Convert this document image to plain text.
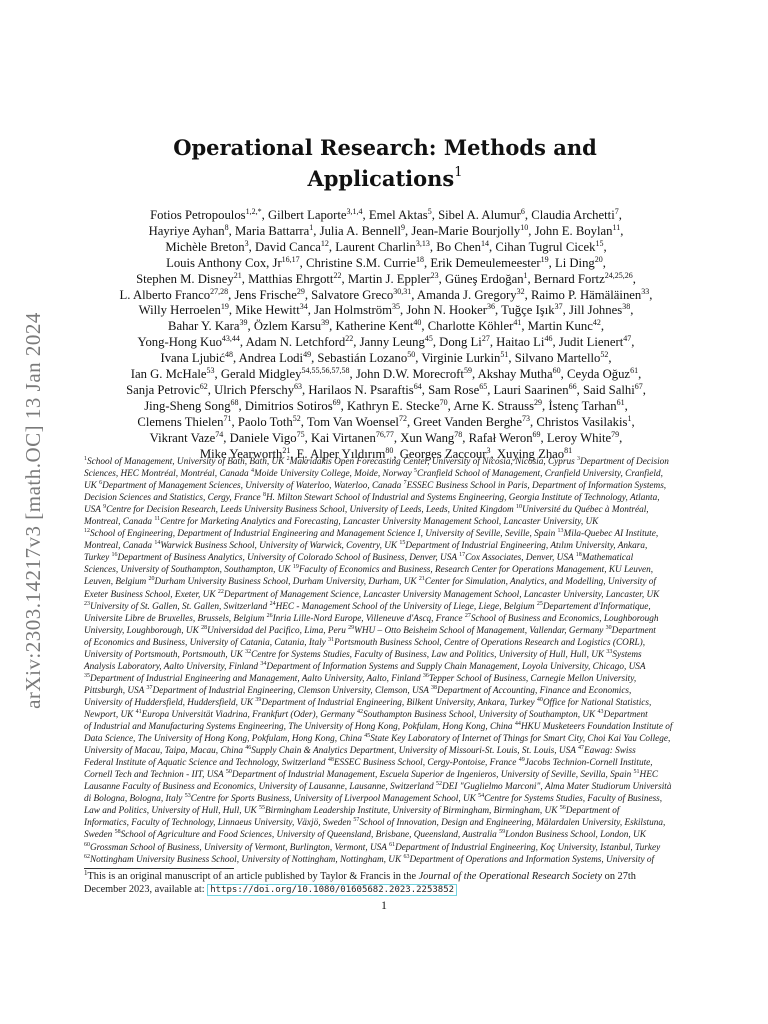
arXiv:2303.14217v3 [math.OC] 13 Jan 2024
Operational Research: Methods and
Applications$^1$
Fotios Petropoulos$^{1,2,*}$, Gilbert Laporte$^{3,1,4}$, Emel Aktas$^5$, Sibel A. Alumur$^6$, Claudia Archetti$^7$,
Hayriye Ayhan$^8$, Maria Battarra$^1$, Julia A. Bennell$^9$, Jean-Marie Bourjolly$^{10}$, John E. Boylan$^{11}$,
Michèle Breton$^3$, David Canca$^{12}$, Laurent Charlin$^{3,13}$, Bo Chen$^{14}$, Cihan Tugrul Cicek$^{15}$,
Louis Anthony Cox, Jr$^{16,17}$, Christine S.M. Currie$^{18}$, Erik Demeulemeester$^{19}$, Li Ding$^{20}$,
Stephen M. Disney$^{21}$, Matthias Ehrgott$^{22}$, Martin J. Eppler$^{23}$, Güneş Erdoğan$^1$, Bernard Fortz$^{24,25,26}$,
L. Alberto Franco$^{27,28}$, Jens Frische$^{29}$, Salvatore Greco$^{30,31}$, Amanda J. Gregory$^{32}$, Raimo P. Hämäläinen$^{33}$,
Willy Herroelen$^{19}$, Mike Hewitt$^{34}$, Jan Holmström$^{35}$, John N. Hooker$^{36}$, Tuğçe Işık$^{37}$, Jill Johnes$^{38}$,
Bahar Y. Kara$^{39}$, Özlem Karsu$^{39}$, Katherine Kent$^{40}$, Charlotte Köhler$^{41}$, Martin Kunc$^{42}$,
Yong-Hong Kuo$^{43,44}$, Adam N. Letchford$^{22}$, Janny Leung$^{45}$, Dong Li$^{27}$, Haitao Li$^{46}$, Judit Lienert$^{47}$,
Ivana Ljubić$^{48}$, Andrea Lodi$^{49}$, Sebastián Lozano$^{50}$, Virginie Lurkin$^{51}$, Silvano Martello$^{52}$,
Ian G. McHale$^{53}$, Gerald Midgley$^{54,55,56,57,58}$, John D.W. Morecroft$^{59}$, Akshay Mutha$^{60}$, Ceyda Oğuz$^{61}$,
Sanja Petrovic$^{62}$, Ulrich Pferschy$^{63}$, Harilaos N. Psaraftis$^{64}$, Sam Rose$^{65}$, Lauri Saarinen$^{66}$, Said Salhi$^{67}$,
Jing-Sheng Song$^{68}$, Dimitrios Sotiros$^{69}$, Kathryn E. Stecke$^{70}$, Arne K. Strauss$^{29}$, İstenç Tarhan$^{61}$,
Clemens Thielen$^{71}$, Paolo Toth$^{52}$, Tom Van Woensel$^{72}$, Greet Vanden Berghe$^{73}$, Christos Vasilakis$^1$,
Vikrant Vaze$^{74}$, Daniele Vigo$^{75}$, Kai Virtanen$^{76,77}$, Xun Wang$^{78}$, Rafał Weron$^{69}$, Leroy White$^{79}$,
Mike Yearworth$^{21}$, E. Alper Yıldırım$^{80}$, Georges Zaccour$^3$, Xuying Zhao$^{81}$
$^1$School of Management, University of Bath, Bath, UK $^2$Makridakis Open Forecasting Center, University of Nicosia, Nicosia, Cyprus $^3$Department of Decision
Sciences, HEC Montréal, Montréal, Canada $^4$Moide University College, Moide, Norway $^5$Cranfield School of Management, Cranfield University, Cranfield,
UK $^6$Department of Management Sciences, University of Waterloo, Waterloo, Canada $^7$ESSEC Business School in Paris, Department of Information Systems,
Decision Sciences and Statistics, Cergy, France $^8$H. Milton Stewart School of Industrial and Systems Engineering, Georgia Institute of Technology, Atlanta,
USA $^9$Centre for Decision Research, Leeds University Business School, University of Leeds, Leeds, United Kingdom $^{10}$Université du Québec à Montréal,
Montreal, Canada $^{11}$Centre for Marketing Analytics and Forecasting, Lancaster University Management School, Lancaster University, UK
$^{12}$School of Engineering, Department of Industrial Engineering and Management Science I, University of Seville, Seville, Spain $^{13}$Mila-Quebec AI Institute,
Montreal, Canada $^{14}$Warwick Business School, University of Warwick, Coventry, UK $^{15}$Department of Industrial Engineering, Atılım University, Ankara,
Turkey $^{16}$Department of Business Analytics, University of Colorado School of Business, Denver, USA $^{17}$Cox Associates, Denver, USA $^{18}$Mathematical
Sciences, University of Southampton, Southampton, UK $^{19}$Faculty of Economics and Business, Research Center for Operations Management, KU Leuven,
Leuven, Belgium $^{20}$Durham University Business School, Durham University, Durham, UK $^{21}$Center for Simulation, Analytics, and Modelling, University of
Exeter Business School, Exeter, UK $^{22}$Department of Management Science, Lancaster University Management School, Lancaster University, Lancaster, UK
$^{23}$University of St. Gallen, St. Gallen, Switzerland $^{24}$HEC - Management School of the University of Liege, Liege, Belgium $^{25}$Departement d'Informatique,
Universite Libre de Bruxelles, Brussels, Belgium $^{26}$Inria Lille-Nord Europe, Villeneuve d'Ascq, France $^{27}$School of Business and Economics, Loughborough
University, Loughborough, UK $^{28}$Universidad del Pacifico, Lima, Peru $^{29}$WHU – Otto Beisheim School of Management, Vallendar, Germany $^{30}$Department
of Economics and Business, University of Catania, Catania, Italy $^{31}$Portsmouth Business School, Centre of Operations Research and Logistics (CORL),
University of Portsmouth, Portsmouth, UK $^{32}$Centre for Systems Studies, Faculty of Business, Law and Politics, University of Hull, Hull, UK $^{33}$Systems
Analysis Laboratory, Aalto University, Finland $^{34}$Department of Information Systems and Supply Chain Management, Loyola University, Chicago, USA
$^{35}$Department of Industrial Engineering and Management, Aalto University, Aalto, Finland $^{36}$Tepper School of Business, Carnegie Mellon University,
Pittsburgh, USA $^{37}$Department of Industrial Engineering, Clemson University, Clemson, USA $^{38}$Department of Accounting, Finance and Economics,
University of Huddersfield, Huddersfield, UK $^{39}$Department of Industrial Engineering, Bilkent University, Ankara, Turkey $^{40}$Office for National Statistics,
Newport, UK $^{41}$Europa Universität Viadrina, Frankfurt (Oder), Germany $^{42}$Southampton Business School, University of Southampton, UK $^{43}$Department
of Industrial and Manufacturing Systems Engineering, The University of Hong Kong, Pokfulam, Hong Kong, China $^{44}$HKU Musketeers Foundation Institute of
Data Science, The University of Hong Kong, Pokfulam, Hong Kong, China $^{45}$State Key Laboratory of Internet of Things for Smart City, Choi Kai Yau College,
University of Macau, Taipa, Macau, China $^{46}$Supply Chain & Analytics Department, University of Missouri-St. Louis, St. Louis, USA $^{47}$Eawag: Swiss
Federal Institute of Aquatic Science and Technology, Switzerland $^{48}$ESSEC Business School, Cergy-Pontoise, France $^{49}$Jacobs Technion-Cornell Institute,
Cornell Tech and Technion - IIT, USA $^{50}$Department of Industrial Management, Escuela Superior de Ingenieros, University of Seville, Sevilla, Spain $^{51}$HEC
Lausanne Faculty of Business and Economics, University of Lausanne, Lausanne, Switzerland $^{52}$DEI "Guglielmo Marconi", Alma Mater Studiorum Università
di Bologna, Bologna, Italy $^{53}$Centre for Sports Business, University of Liverpool Management School, UK $^{54}$Centre for Systems Studies, Faculty of Business,
Law and Politics, University of Hull, Hull, UK $^{55}$Birmingham Leadership Institute, University of Birmingham, Birmingham, UK $^{56}$Department of
Informatics, Faculty of Technology, Linnaeus University, Växjö, Sweden $^{57}$School of Innovation, Design and Engineering, Mälardalen University, Eskilstuna,
Sweden $^{58}$School of Agriculture and Food Sciences, University of Queensland, Brisbane, Queensland, Australia $^{59}$London Business School, London, UK
$^{60}$Grossman School of Business, University of Vermont, Burlington, Vermont, USA $^{61}$Department of Industrial Engineering, Koç University, Istanbul, Turkey
$^{62}$Nottingham University Business School, University of Nottingham, Nottingham, UK $^{63}$Department of Operations and Information Systems, University of
$^1$This is an original manuscript of an article published by Taylor & Francis in the Journal of the Operational Research Society on 27th
December 2023, available at: https://doi.org/10.1080/01605682.2023.2253852
1
